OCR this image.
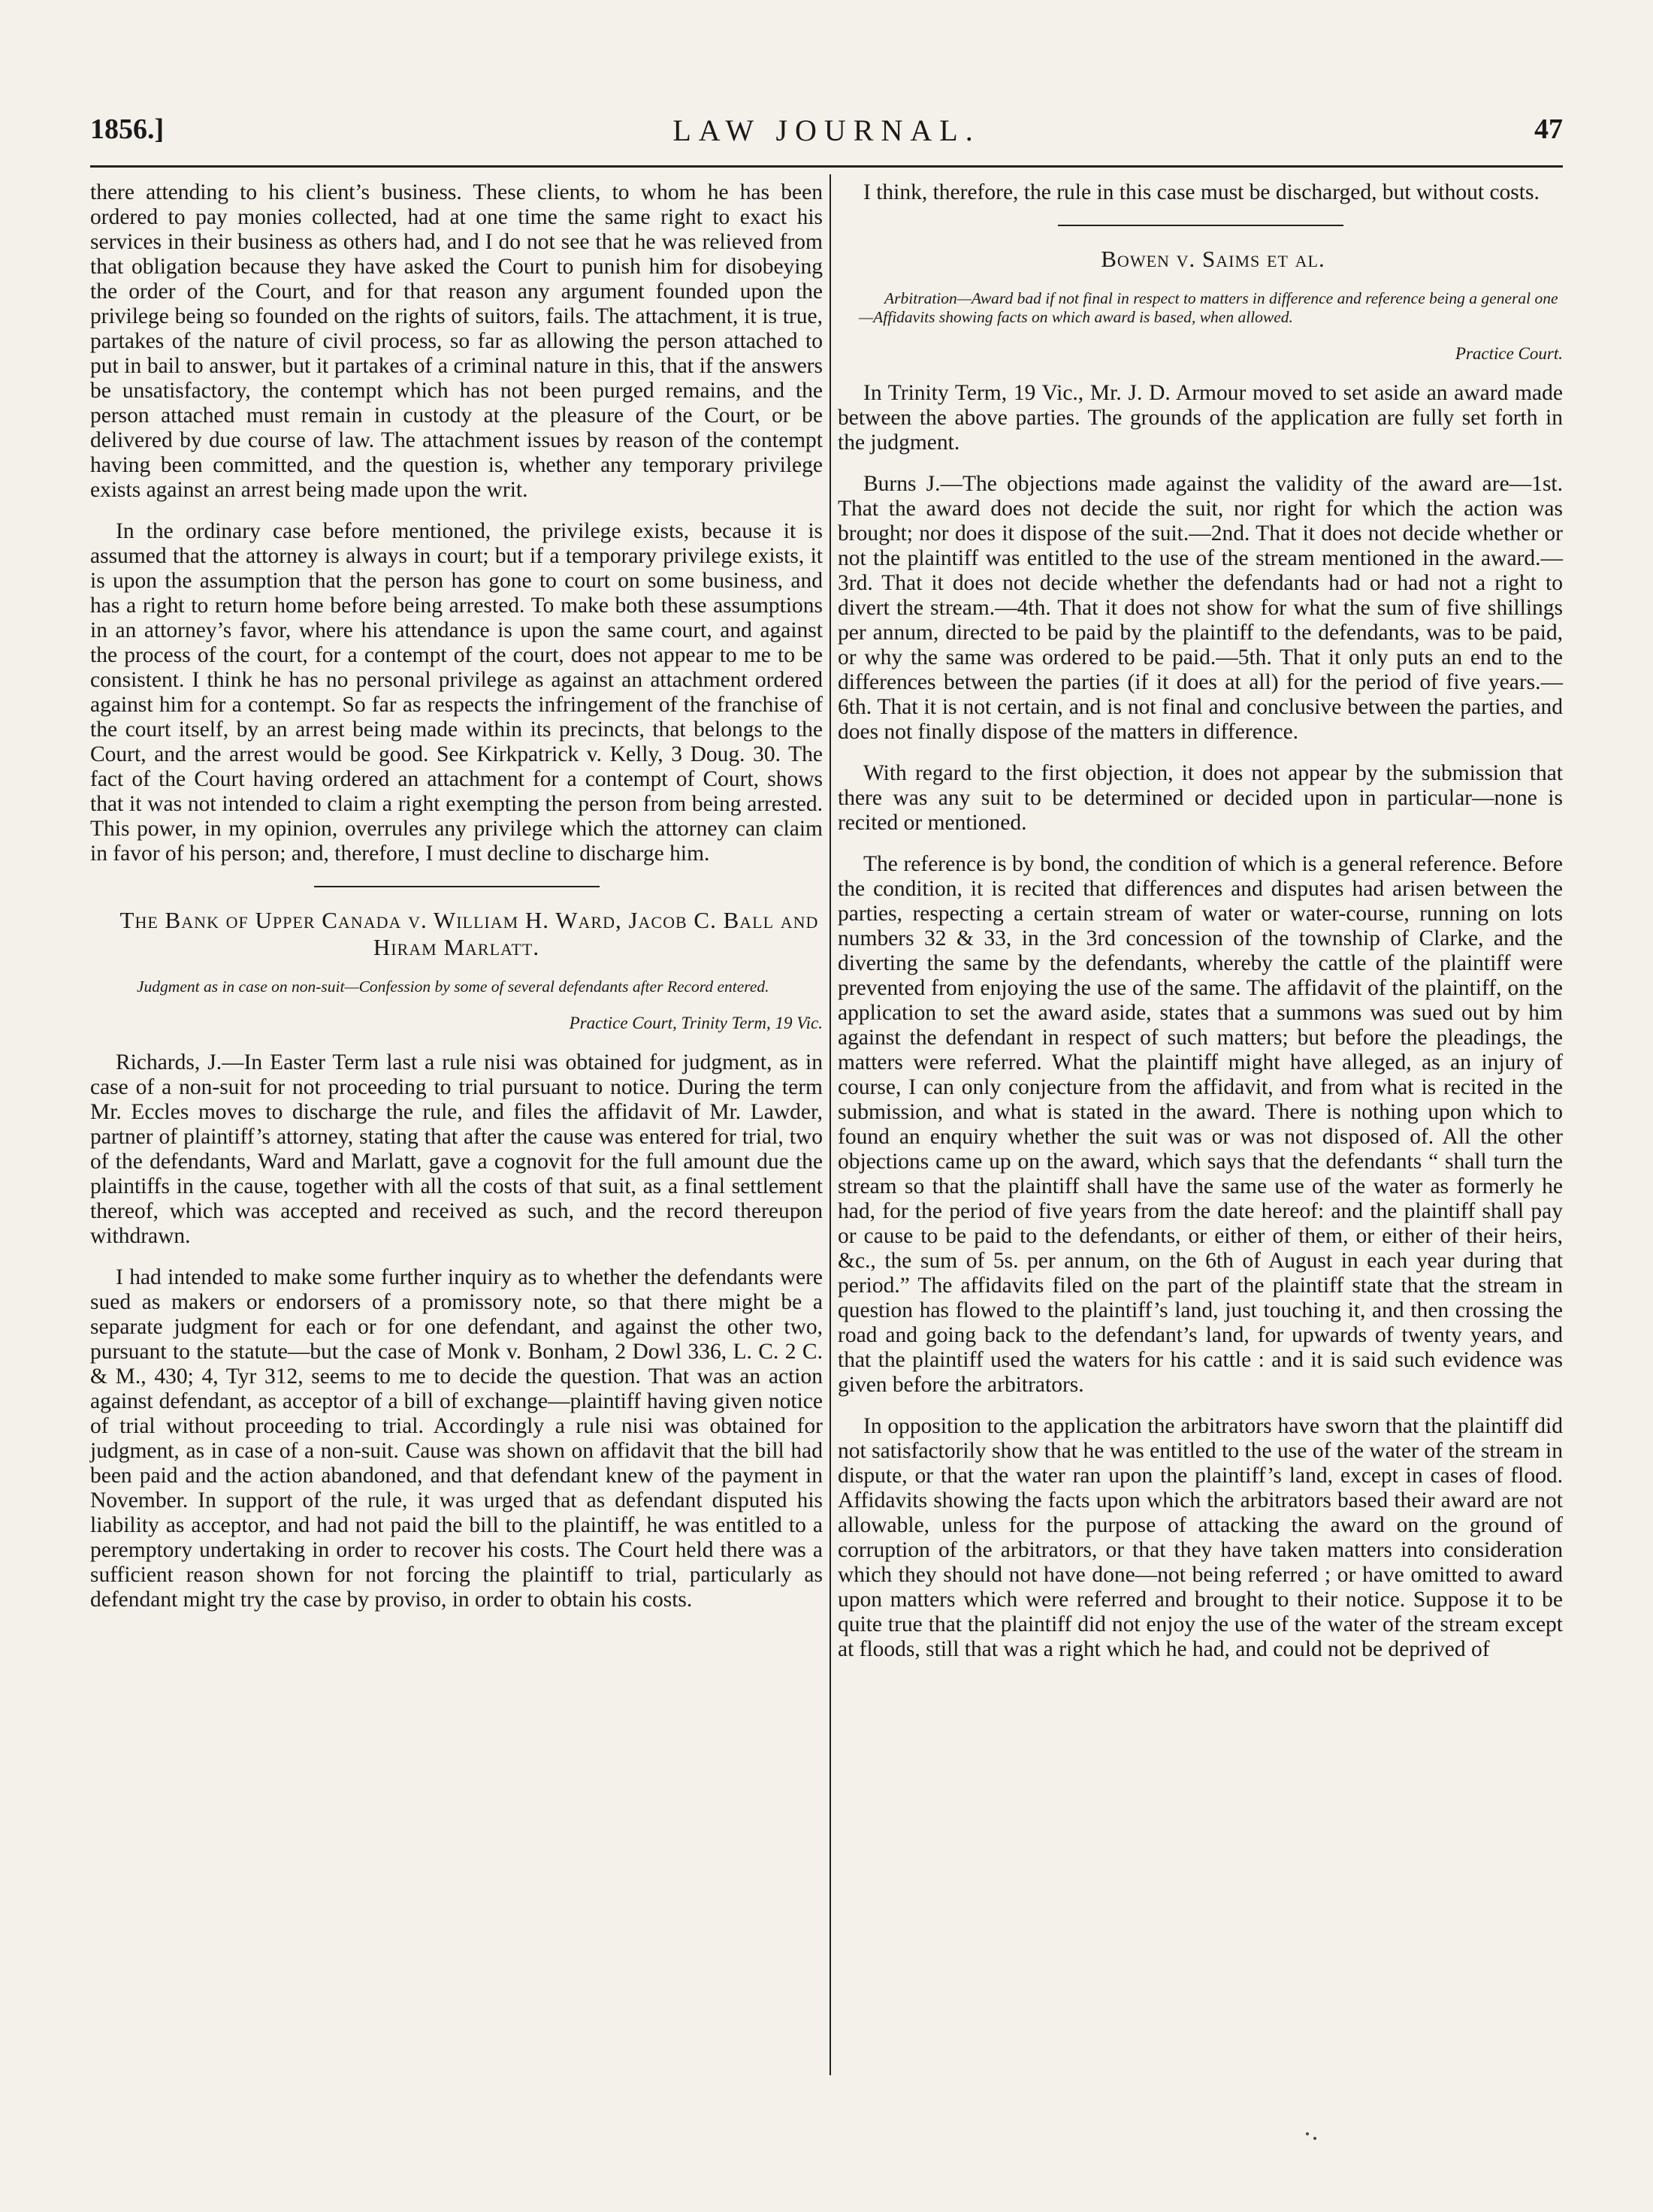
1856.]	LAW JOURNAL.	47

there attending to his client’s business. These clients, to whom he has been ordered to pay monies collected, had at one time the same right to exact his services in their business as others had, and I do not see that he was relieved from that obligation because they have asked the Court to punish him for disobeying the order of the Court, and for that reason any argument founded upon the privilege being so founded on the rights of suitors, fails. The attachment, it is true, partakes of the nature of civil process, so far as allowing the person attached to put in bail to answer, but it partakes of a criminal nature in this, that if the answers be unsatisfactory, the contempt which has not been purged remains, and the person attached must remain in custody at the pleasure of the Court, or be delivered by due course of law. The attachment issues by reason of the contempt having been committed, and the question is, whether any temporary privilege exists against an arrest being made upon the writ.

In the ordinary case before mentioned, the privilege exists, because it is assumed that the attorney is always in court; but if a temporary privilege exists, it is upon the assumption that the person has gone to court on some business, and has a right to return home before being arrested. To make both these assumptions in an attorney’s favor, where his attendance is upon the same court, and against the process of the court, for a contempt of the court, does not appear to me to be consistent. I think he has no personal privilege as against an attachment ordered against him for a contempt. So far as respects the infringement of the franchise of the court itself, by an arrest being made within its precincts, that belongs to the Court, and the arrest would be good. See Kirkpatrick v. Kelly, 3 Doug. 30. The fact of the Court having ordered an attachment for a contempt of Court, shows that it was not intended to claim a right exempting the person from being arrested. This power, in my opinion, overrules any privilege which the attorney can claim in favor of his person; and, therefore, I must decline to discharge him.

The Bank of Upper Canada v. William H. Ward, Jacob C. Ball and Hiram Marlatt.

Judgment as in case on non-suit—Confession by some of several defendants after Record entered.

Practice Court, Trinity Term, 19 Vic.

Richards, J.—In Easter Term last a rule nisi was obtained for judgment, as in case of a non-suit for not proceeding to trial pursuant to notice. During the term Mr. Eccles moves to discharge the rule, and files the affidavit of Mr. Lawder, partner of plaintiff’s attorney, stating that after the cause was entered for trial, two of the defendants, Ward and Marlatt, gave a cognovit for the full amount due the plaintiffs in the cause, together with all the costs of that suit, as a final settlement thereof, which was accepted and received as such, and the record thereupon withdrawn.

I had intended to make some further inquiry as to whether the defendants were sued as makers or endorsers of a promissory note, so that there might be a separate judgment for each or for one defendant, and against the other two, pursuant to the statute—but the case of Monk v. Bonham, 2 Dowl 336, L. C. 2 C. & M., 430; 4, Tyr 312, seems to me to decide the question. That was an action against defendant, as acceptor of a bill of exchange—plaintiff having given notice of trial without proceeding to trial. Accordingly a rule nisi was obtained for judgment, as in case of a non-suit. Cause was shown on affidavit that the bill had been paid and the action abandoned, and that defendant knew of the payment in November. In support of the rule, it was urged that as defendant disputed his liability as acceptor, and had not paid the bill to the plaintiff, he was entitled to a peremptory undertaking in order to recover his costs. The Court held there was a sufficient reason shown for not forcing the plaintiff to trial, particularly as defendant might try the case by proviso, in order to obtain his costs.

I think, therefore, the rule in this case must be discharged, but without costs.

Bowen v. Saims et al.

Arbitration—Award bad if not final in respect to matters in difference and reference being a general one—Affidavits showing facts on which award is based, when allowed.

Practice Court.

In Trinity Term, 19 Vic., Mr. J. D. Armour moved to set aside an award made between the above parties. The grounds of the application are fully set forth in the judgment.

Burns J.—The objections made against the validity of the award are—1st. That the award does not decide the suit, nor right for which the action was brought; nor does it dispose of the suit.—2nd. That it does not decide whether or not the plaintiff was entitled to the use of the stream mentioned in the award.—3rd. That it does not decide whether the defendants had or had not a right to divert the stream.—4th. That it does not show for what the sum of five shillings per annum, directed to be paid by the plaintiff to the defendants, was to be paid, or why the same was ordered to be paid.—5th. That it only puts an end to the differences between the parties (if it does at all) for the period of five years.—6th. That it is not certain, and is not final and conclusive between the parties, and does not finally dispose of the matters in difference.

With regard to the first objection, it does not appear by the submission that there was any suit to be determined or decided upon in particular—none is recited or mentioned.

The reference is by bond, the condition of which is a general reference. Before the condition, it is recited that differences and disputes had arisen between the parties, respecting a certain stream of water or water-course, running on lots numbers 32 & 33, in the 3rd concession of the township of Clarke, and the diverting the same by the defendants, whereby the cattle of the plaintiff were prevented from enjoying the use of the same. The affidavit of the plaintiff, on the application to set the award aside, states that a summons was sued out by him against the defendant in respect of such matters; but before the pleadings, the matters were referred. What the plaintiff might have alleged, as an injury of course, I can only conjecture from the affidavit, and from what is recited in the submission, and what is stated in the award. There is nothing upon which to found an enquiry whether the suit was or was not disposed of. All the other objections came up on the award, which says that the defendants “ shall turn the stream so that the plaintiff shall have the same use of the water as formerly he had, for the period of five years from the date hereof: and the plaintiff shall pay or cause to be paid to the defendants, or either of them, or either of their heirs, &c., the sum of 5s. per annum, on the 6th of August in each year during that period.” The affidavits filed on the part of the plaintiff state that the stream in question has flowed to the plaintiff’s land, just touching it, and then crossing the road and going back to the defendant’s land, for upwards of twenty years, and that the plaintiff used the waters for his cattle : and it is said such evidence was given before the arbitrators.

In opposition to the application the arbitrators have sworn that the plaintiff did not satisfactorily show that he was entitled to the use of the water of the stream in dispute, or that the water ran upon the plaintiff’s land, except in cases of flood. Affidavits showing the facts upon which the arbitrators based their award are not allowable, unless for the purpose of attacking the award on the ground of corruption of the arbitrators, or that they have taken matters into consideration which they should not have done—not being referred ; or have omitted to award upon matters which were referred and brought to their notice. Suppose it to be quite true that the plaintiff did not enjoy the use of the water of the stream except at floods, still that was a right which he had, and could not be deprived of
